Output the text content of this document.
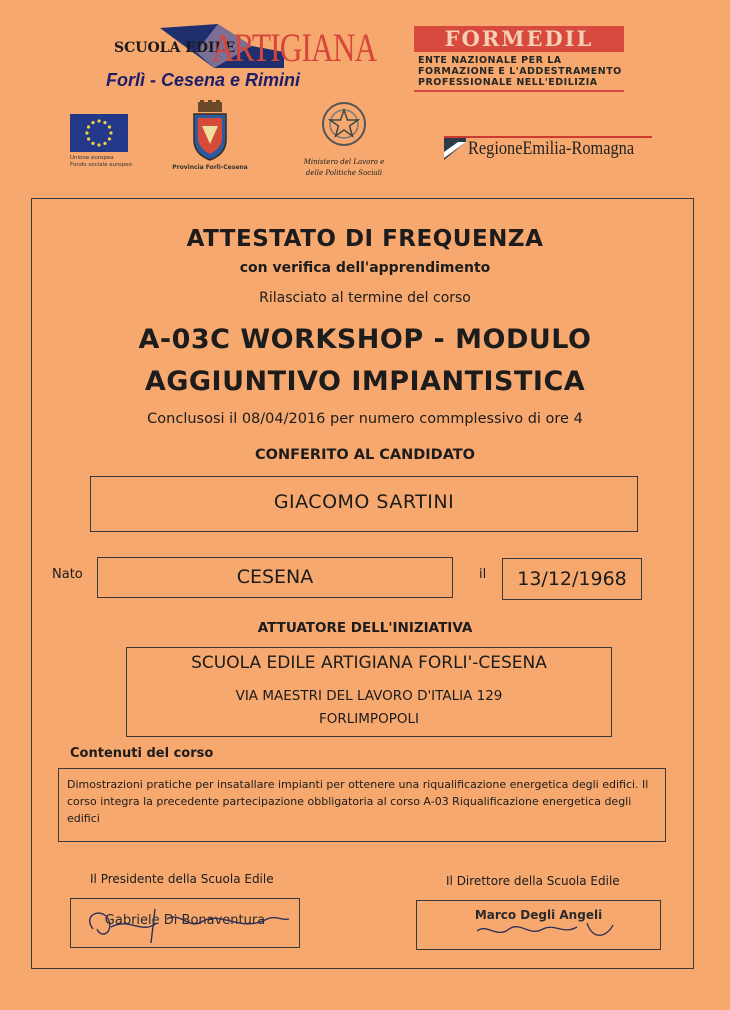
SCUOLA EDILE
ARTIGIANA
Forlì - Cesena e Rimini
FORMEDIL
ENTE NAZIONALE PER LA
FORMAZIONE E L'ADDESTRAMENTO
PROFESSIONALE NELL'EDILIZIA
Unione europea
Fondo sociale europeo	Provincia Forlì-Cesena
Ministero del Lavoro e
delle Politiche Sociali
RegioneEmilia-Romagna
ATTESTATO DI FREQUENZA
con verifica dell'apprendimento
Rilasciato al termine del corso
A-03C WORKSHOP - MODULO
AGGIUNTIVO IMPIANTISTICA
Conclusosi il 08/04/2016 per numero commplessivo di ore 4
CONFERITO AL CANDIDATO
GIACOMO SARTINI
Nato	CESENA	il	13/12/1968
ATTUATORE DELL'INIZIATIVA
SCUOLA EDILE ARTIGIANA FORLI'-CESENA
VIA MAESTRI DEL LAVORO D'ITALIA 129
FORLIMPOPOLI
Contenuti del corso
Dimostrazioni pratiche per insatallare impianti per ottenere una riqualificazione energetica degli edifici. Il corso integra la precedente partecipazione obbligatoria al corso A-03 Riqualificazione energetica degli edifici
Il Presidente della Scuola Edile	Il Direttore della Scuola Edile
Gabriele Di Bonaventura	Marco Degli Angeli
